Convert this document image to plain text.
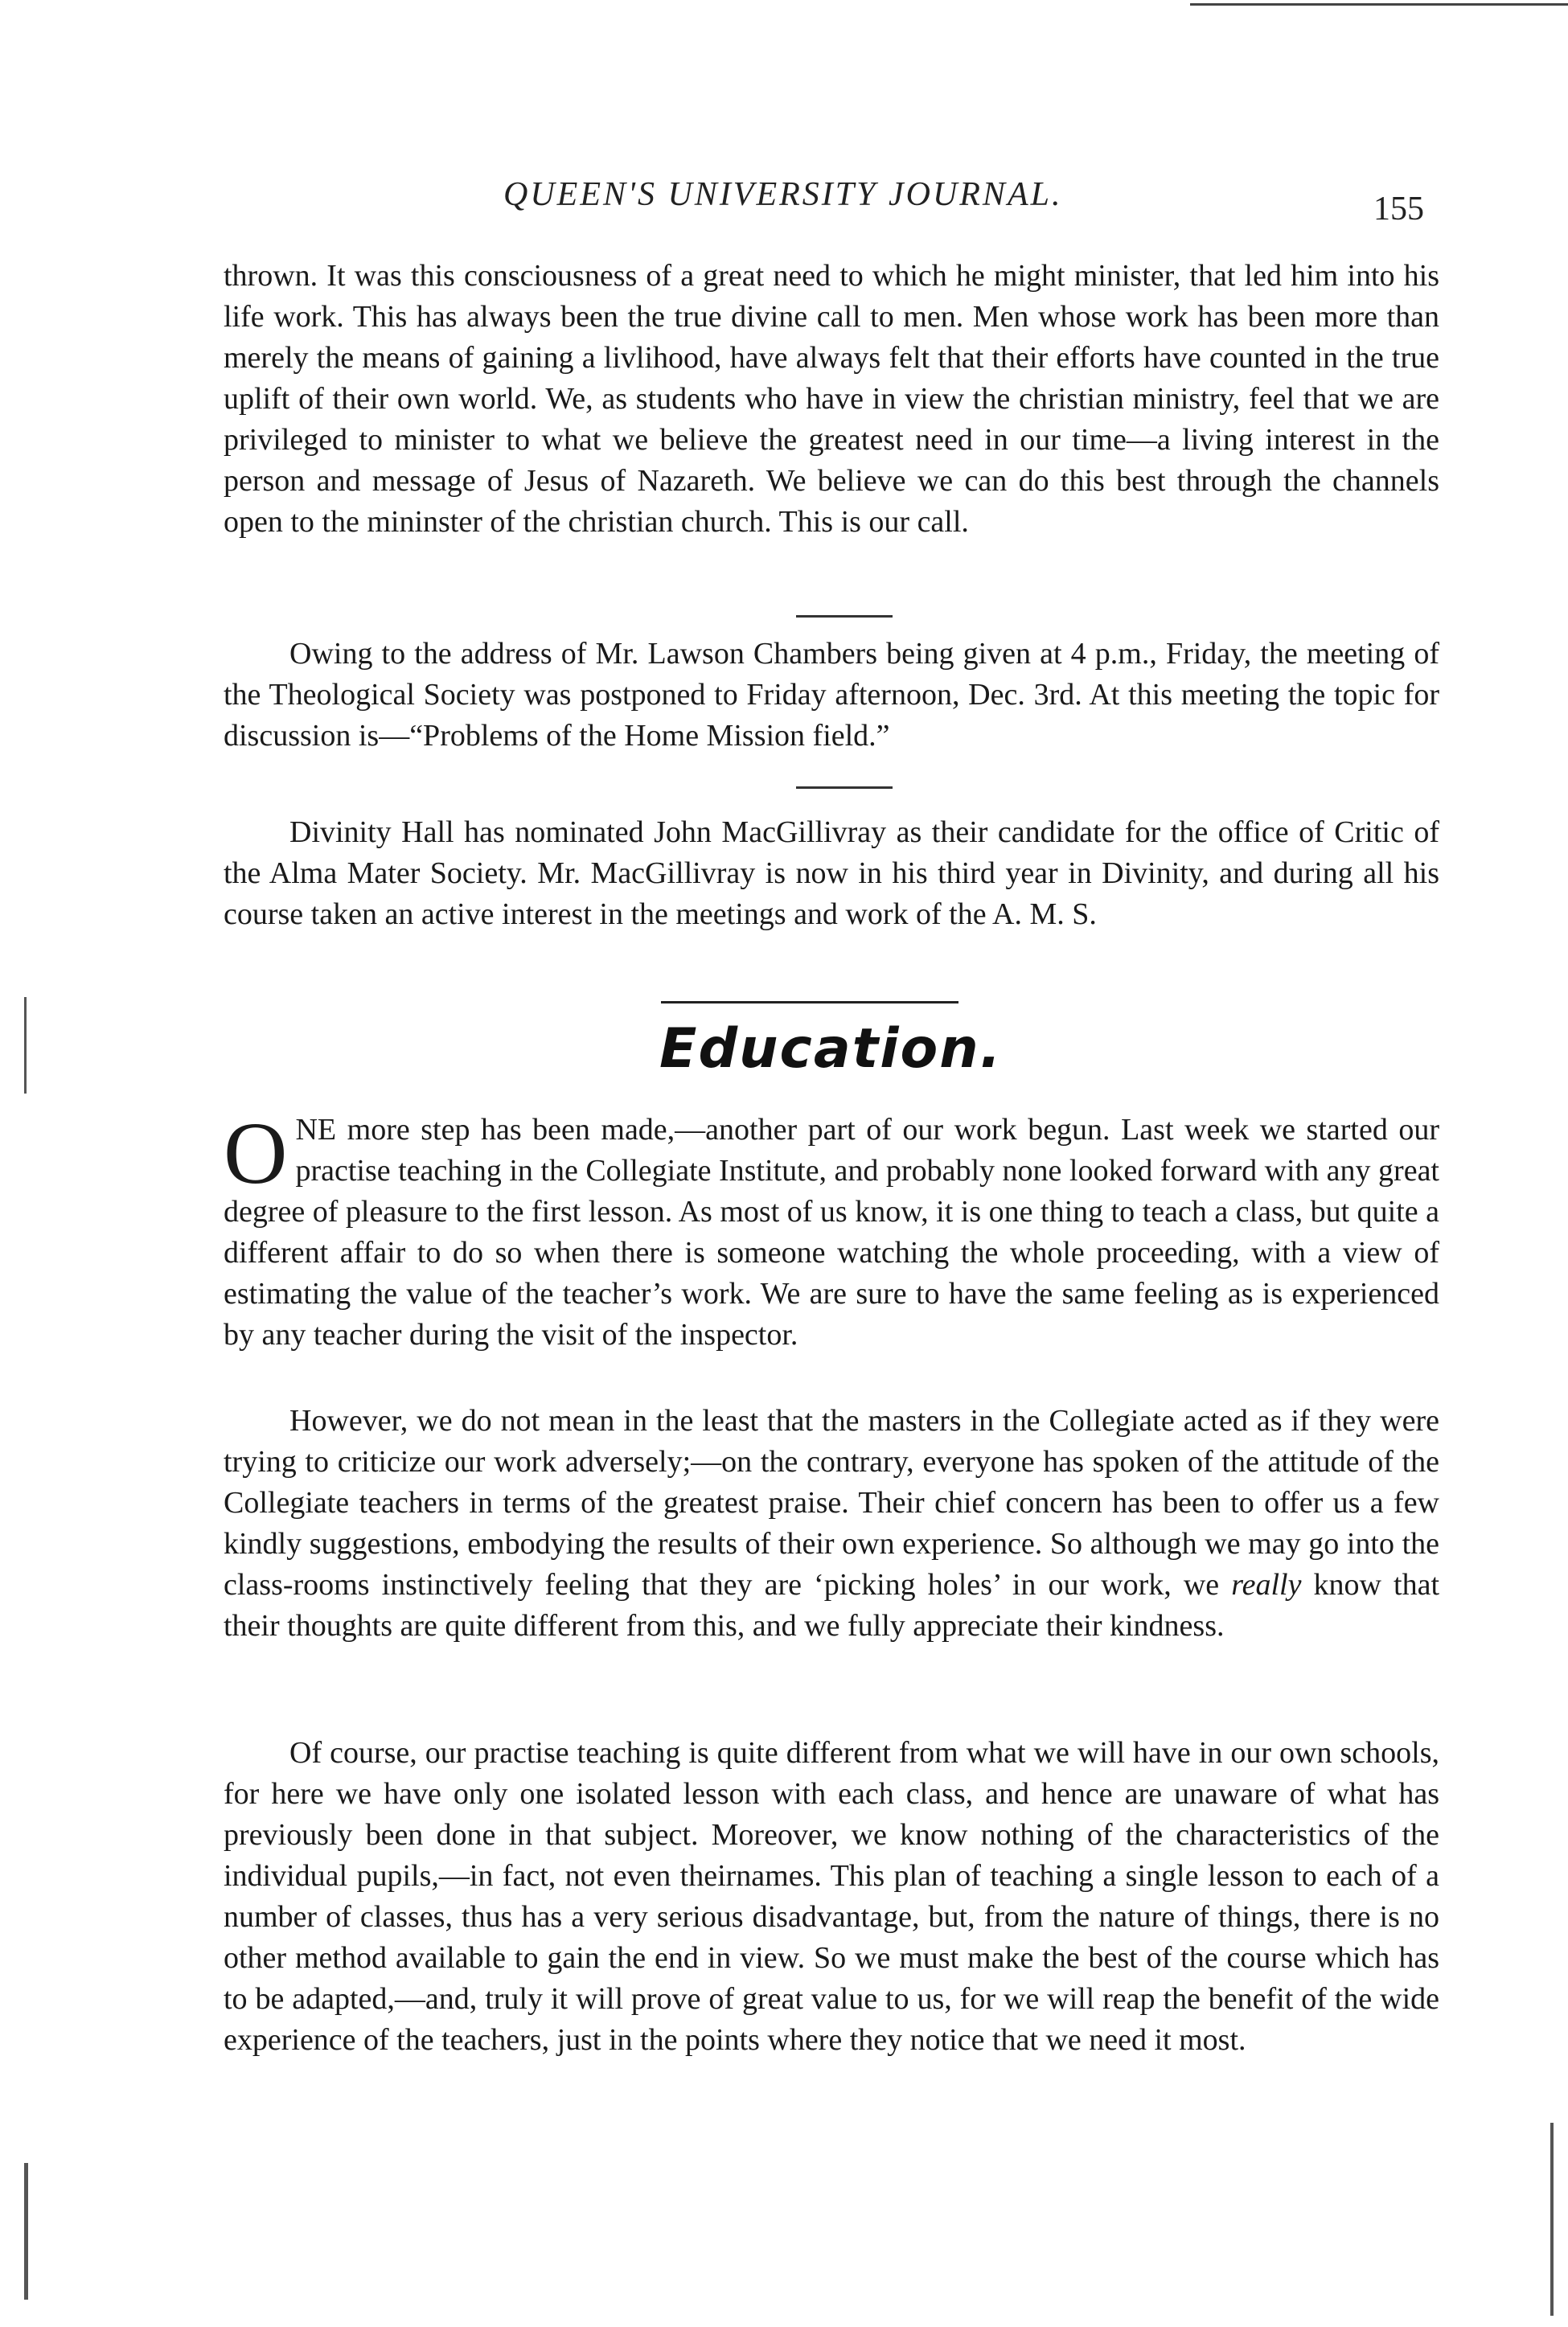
QUEEN'S UNIVERSITY JOURNAL.	155

thrown. It was this consciousness of a great need to which he might minister, that led him into his life work. This has always been the true divine call to men. Men whose work has been more than merely the means of gaining a livlihood, have always felt that their efforts have counted in the true uplift of their own world. We, as students who have in view the christian ministry, feel that we are privileged to minister to what we believe the greatest need in our time—a living interest in the person and message of Jesus of Nazareth. We believe we can do this best through the channels open to the mininster of the christian church. This is our call.

Owing to the address of Mr. Lawson Chambers being given at 4 p.m., Friday, the meeting of the Theological Society was postponed to Friday afternoon, Dec. 3rd. At this meeting the topic for discussion is—“Problems of the Home Mission field.”

Divinity Hall has nominated John MacGillivray as their candidate for the office of Critic of the Alma Mater Society. Mr. MacGillivray is now in his third year in Divinity, and during all his course taken an active interest in the meetings and work of the A. M. S.

Education.

ONE more step has been made,—another part of our work begun. Last week we started our practise teaching in the Collegiate Institute, and probably none looked forward with any great degree of pleasure to the first lesson. As most of us know, it is one thing to teach a class, but quite a different affair to do so when there is someone watching the whole proceeding, with a view of estimating the value of the teacher’s work. We are sure to have the same feeling as is experienced by any teacher during the visit of the inspector.

However, we do not mean in the least that the masters in the Collegiate acted as if they were trying to criticize our work adversely;—on the contrary, everyone has spoken of the attitude of the Collegiate teachers in terms of the greatest praise. Their chief concern has been to offer us a few kindly suggestions, embodying the results of their own experience. So although we may go into the class-rooms instinctively feeling that they are ‘picking holes’ in our work, we really know that their thoughts are quite different from this, and we fully appreciate their kindness.

Of course, our practise teaching is quite different from what we will have in our own schools, for here we have only one isolated lesson with each class, and hence are unaware of what has previously been done in that subject. Moreover, we know nothing of the characteristics of the individual pupils,—in fact, not even theirnames. This plan of teaching a single lesson to each of a number of classes, thus has a very serious disadvantage, but, from the nature of things, there is no other method available to gain the end in view. So we must make the best of the course which has to be adapted,—and, truly it will prove of great value to us, for we will reap the benefit of the wide experience of the teachers, just in the points where they notice that we need it most.
